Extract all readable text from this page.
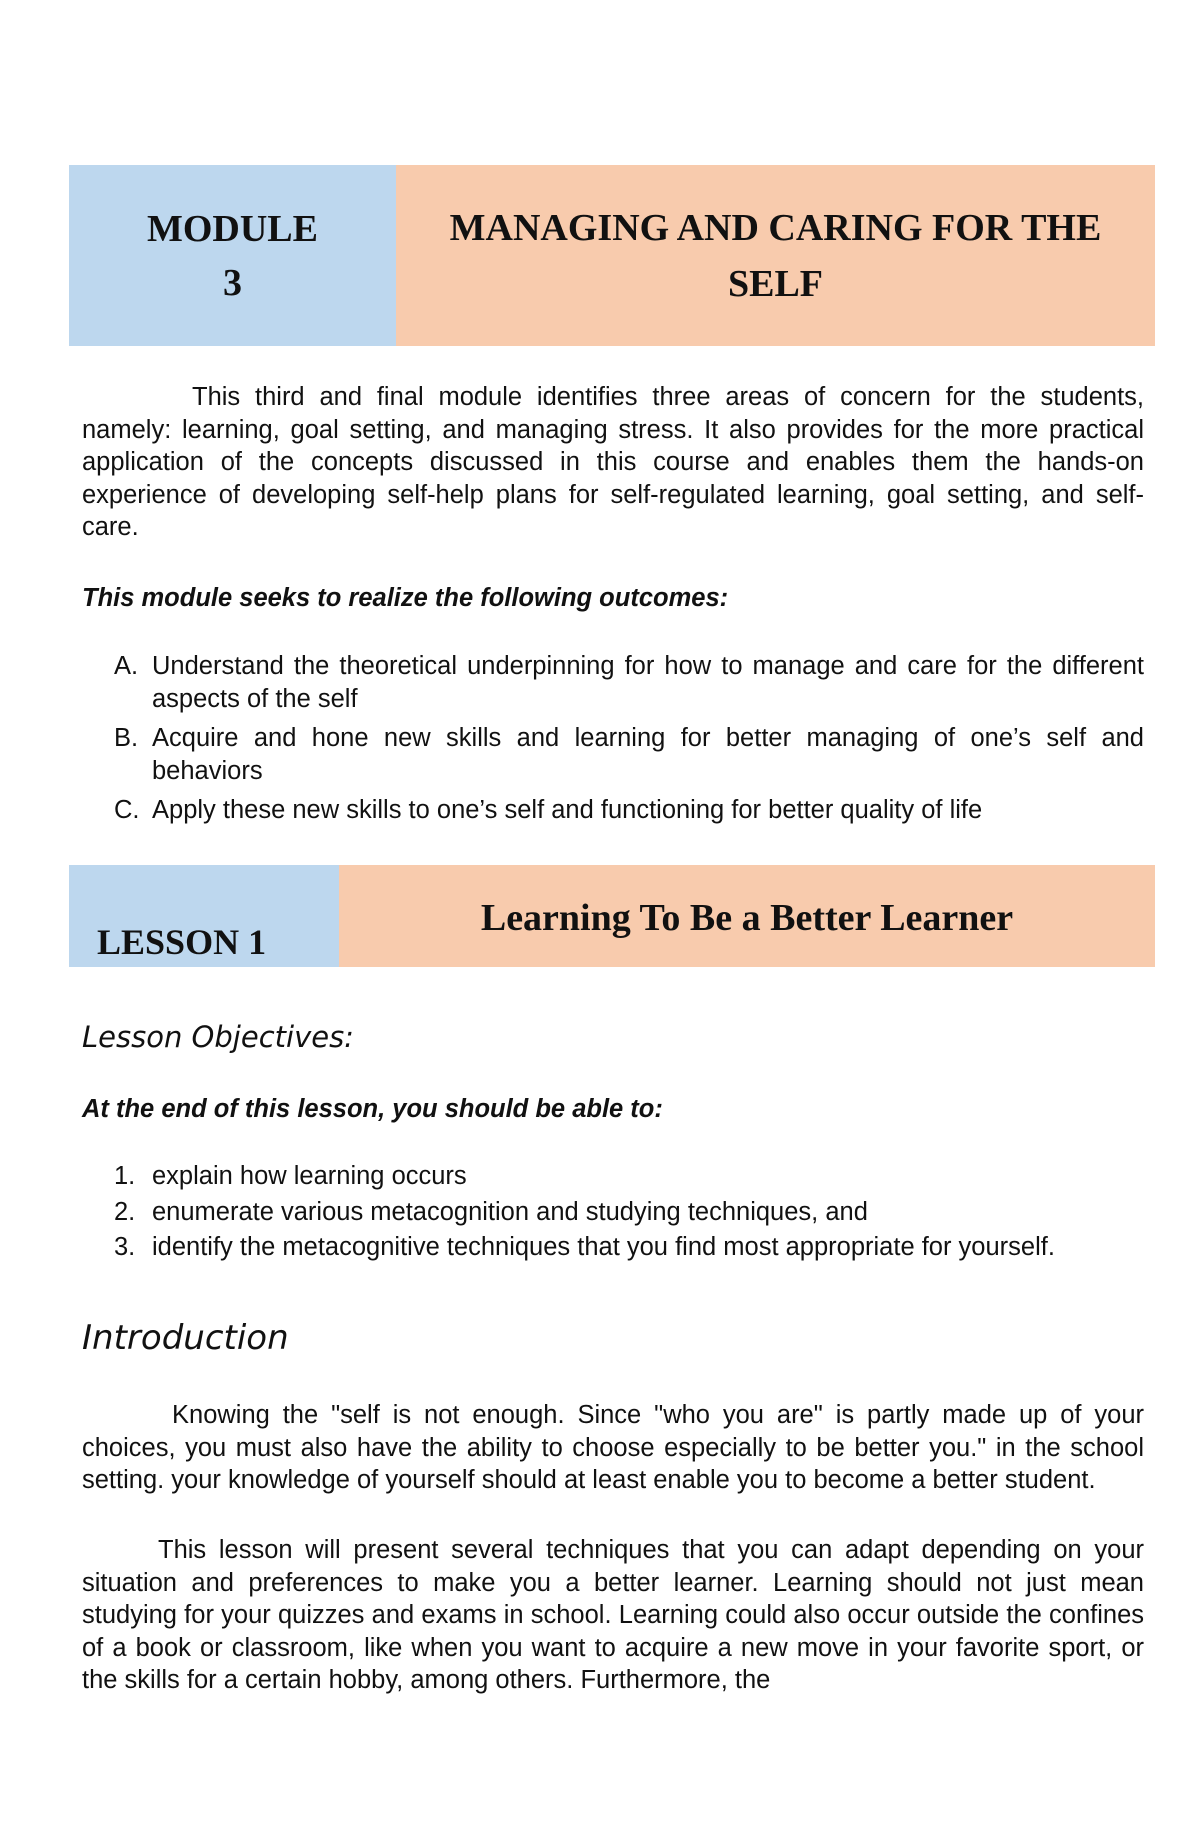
MODULE
3
MANAGING AND CARING FOR THE SELF

This third and final module identifies three areas of concern for the students, namely: learning, goal setting, and managing stress. It also provides for the more practical application of the concepts discussed in this course and enables them the hands-on experience of developing self-help plans for self-regulated learning, goal setting, and self-care.

This module seeks to realize the following outcomes:

A. Understand the theoretical underpinning for how to manage and care for the different aspects of the self
B. Acquire and hone new skills and learning for better managing of one’s self and behaviors
C. Apply these new skills to one’s self and functioning for better quality of life
LESSON 1
Learning To Be a Better Learner

Lesson Objectives:

At the end of this lesson, you should be able to:

1. explain how learning occurs
2. enumerate various metacognition and studying techniques, and
3. identify the metacognitive techniques that you find most appropriate for yourself.

Introduction

Knowing the "self is not enough. Since "who you are" is partly made up of your choices, you must also have the ability to choose especially to be better you." in the school setting. your knowledge of yourself should at least enable you to become a better student.

This lesson will present several techniques that you can adapt depending on your situation and preferences to make you a better learner. Learning should not just mean studying for your quizzes and exams in school. Learning could also occur outside the confines of a book or classroom, like when you want to acquire a new move in your favorite sport, or the skills for a certain hobby, among others. Furthermore, the
